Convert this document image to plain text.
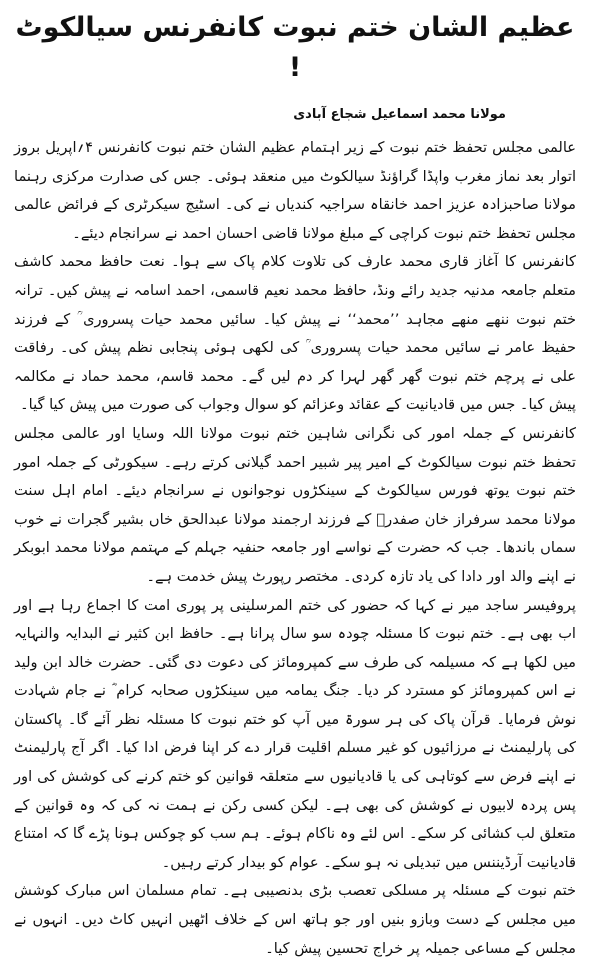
عظیم الشان ختم نبوت کانفرنس سیالکوٹ !
مولانا محمد اسماعیل شجاع آبادی

عالمی مجلس تحفظ ختم نبوت کے زیر اہتمام عظیم الشان ختم نبوت کانفرنس ۴؍اپریل بروز اتوار بعد نماز مغرب واپڈا گراؤنڈ سیالکوٹ میں منعقد ہوئی۔ جس کی صدارت مرکزی رہنما مولانا صاحبزادہ عزیز احمد خانقاہ سراجیہ کندیاں نے کی۔ اسٹیج سیکرٹری کے فرائض عالمی مجلس تحفظ ختم نبوت کراچی کے مبلغ مولانا قاضی احسان احمد نے سرانجام دیئے۔

کانفرنس کا آغاز قاری محمد عارف کی تلاوت کلام پاک سے ہوا۔ نعت حافظ محمد کاشف متعلم جامعہ مدنیہ جدید رائے ونڈ، حافظ محمد نعیم قاسمی، احمد اسامہ نے پیش کیں۔ ترانہ ختم نبوت ننھے منھے مجاہد ’’محمد‘‘ نے پیش کیا۔ سائیں محمد حیات پسروری ؒ کے فرزند حفیظ عامر نے سائیں محمد حیات پسروری ؒ کی لکھی ہوئی پنجابی نظم پیش کی۔ رفاقت علی نے پرچم ختم نبوت گھر گھر لہرا کر دم لیں گے۔ محمد قاسم، محمد حماد نے مکالمہ پیش کیا۔ جس میں قادیانیت کے عقائد وعزائم کو سوال وجواب کی صورت میں پیش کیا گیا۔

کانفرنس کے جملہ امور کی نگرانی شاہین ختم نبوت مولانا اللہ وسایا اور عالمی مجلس تحفظ ختم نبوت سیالکوٹ کے امیر پیر شبیر احمد گیلانی کرتے رہے۔ سیکورٹی کے جملہ امور ختم نبوت یوتھ فورس سیالکوٹ کے سینکڑوں نوجوانوں نے سرانجام دیئے۔ امام اہل سنت مولانا محمد سرفراز خان صفدرؒ کے فرزند ارجمند مولانا عبدالحق خاں بشیر گجرات نے خوب سماں باندھا۔ جب کہ حضرت کے نواسے اور جامعہ حنفیہ جہلم کے مہتمم مولانا محمد ابوبکر نے اپنے والد اور دادا کی یاد تازہ کردی۔ مختصر رپورٹ پیش خدمت ہے۔

پروفیسر ساجد میر نے کہا کہ حضور کی ختم المرسلینی پر پوری امت کا اجماع رہا ہے اور اب بھی ہے۔ ختم نبوت کا مسئلہ چودہ سو سال پرانا ہے۔ حافظ ابن کثیر نے البدایہ والنہایہ میں لکھا ہے کہ مسیلمہ کی طرف سے کمپرومائز کی دعوت دی گئی۔ حضرت خالد ابن ولید نے اس کمپرومائز کو مسترد کر دیا۔ جنگ یمامہ میں سینکڑوں صحابہ کرام ؓ نے جام شہادت نوش فرمایا۔ قرآن پاک کی ہر سورۃ میں آپ کو ختم نبوت کا مسئلہ نظر آئے گا۔ پاکستان کی پارلیمنٹ نے مرزائیوں کو غیر مسلم اقلیت قرار دے کر اپنا فرض ادا کیا۔ اگر آج پارلیمنٹ نے اپنے فرض سے کوتاہی کی یا قادیانیوں سے متعلقہ قوانین کو ختم کرنے کی کوشش کی اور پس پردہ لابیوں نے کوشش کی بھی ہے۔ لیکن کسی رکن نے ہمت نہ کی کہ وہ قوانین کے متعلق لب کشائی کر سکے۔ اس لئے وہ ناکام ہوئے۔ ہم سب کو چوکس ہونا پڑے گا کہ امتناع قادیانیت آرڈیننس میں تبدیلی نہ ہو سکے۔ عوام کو بیدار کرتے رہیں۔

ختم نبوت کے مسئلہ پر مسلکی تعصب بڑی بدنصیبی ہے۔ تمام مسلمان اس مبارک کوشش میں مجلس کے دست وبازو بنیں اور جو ہاتھ اس کے خلاف اٹھیں انہیں کاٹ دیں۔ انہوں نے مجلس کے مساعی جمیلہ پر خراج تحسین پیش کیا۔
